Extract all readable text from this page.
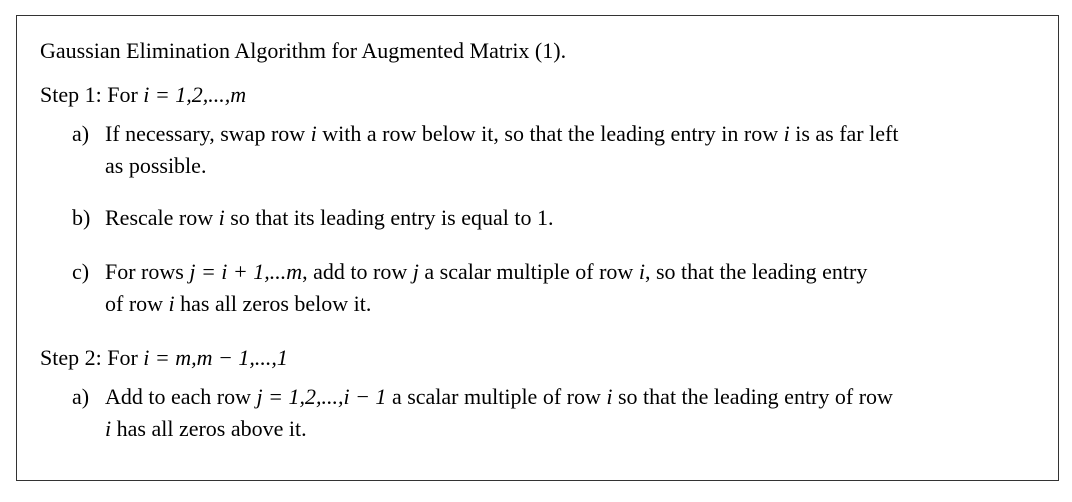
Gaussian Elimination Algorithm for Augmented Matrix (1).
Step 1: For i = 1,2,...,m
a) If necessary, swap row i with a row below it, so that the leading entry in row i is as far left
as possible.
b) Rescale row i so that its leading entry is equal to 1.
c) For rows j = i + 1,...m, add to row j a scalar multiple of row i, so that the leading entry
of row i has all zeros below it.
Step 2: For i = m,m − 1,...,1
a) Add to each row j = 1,2,...,i − 1 a scalar multiple of row i so that the leading entry of row
i has all zeros above it.
